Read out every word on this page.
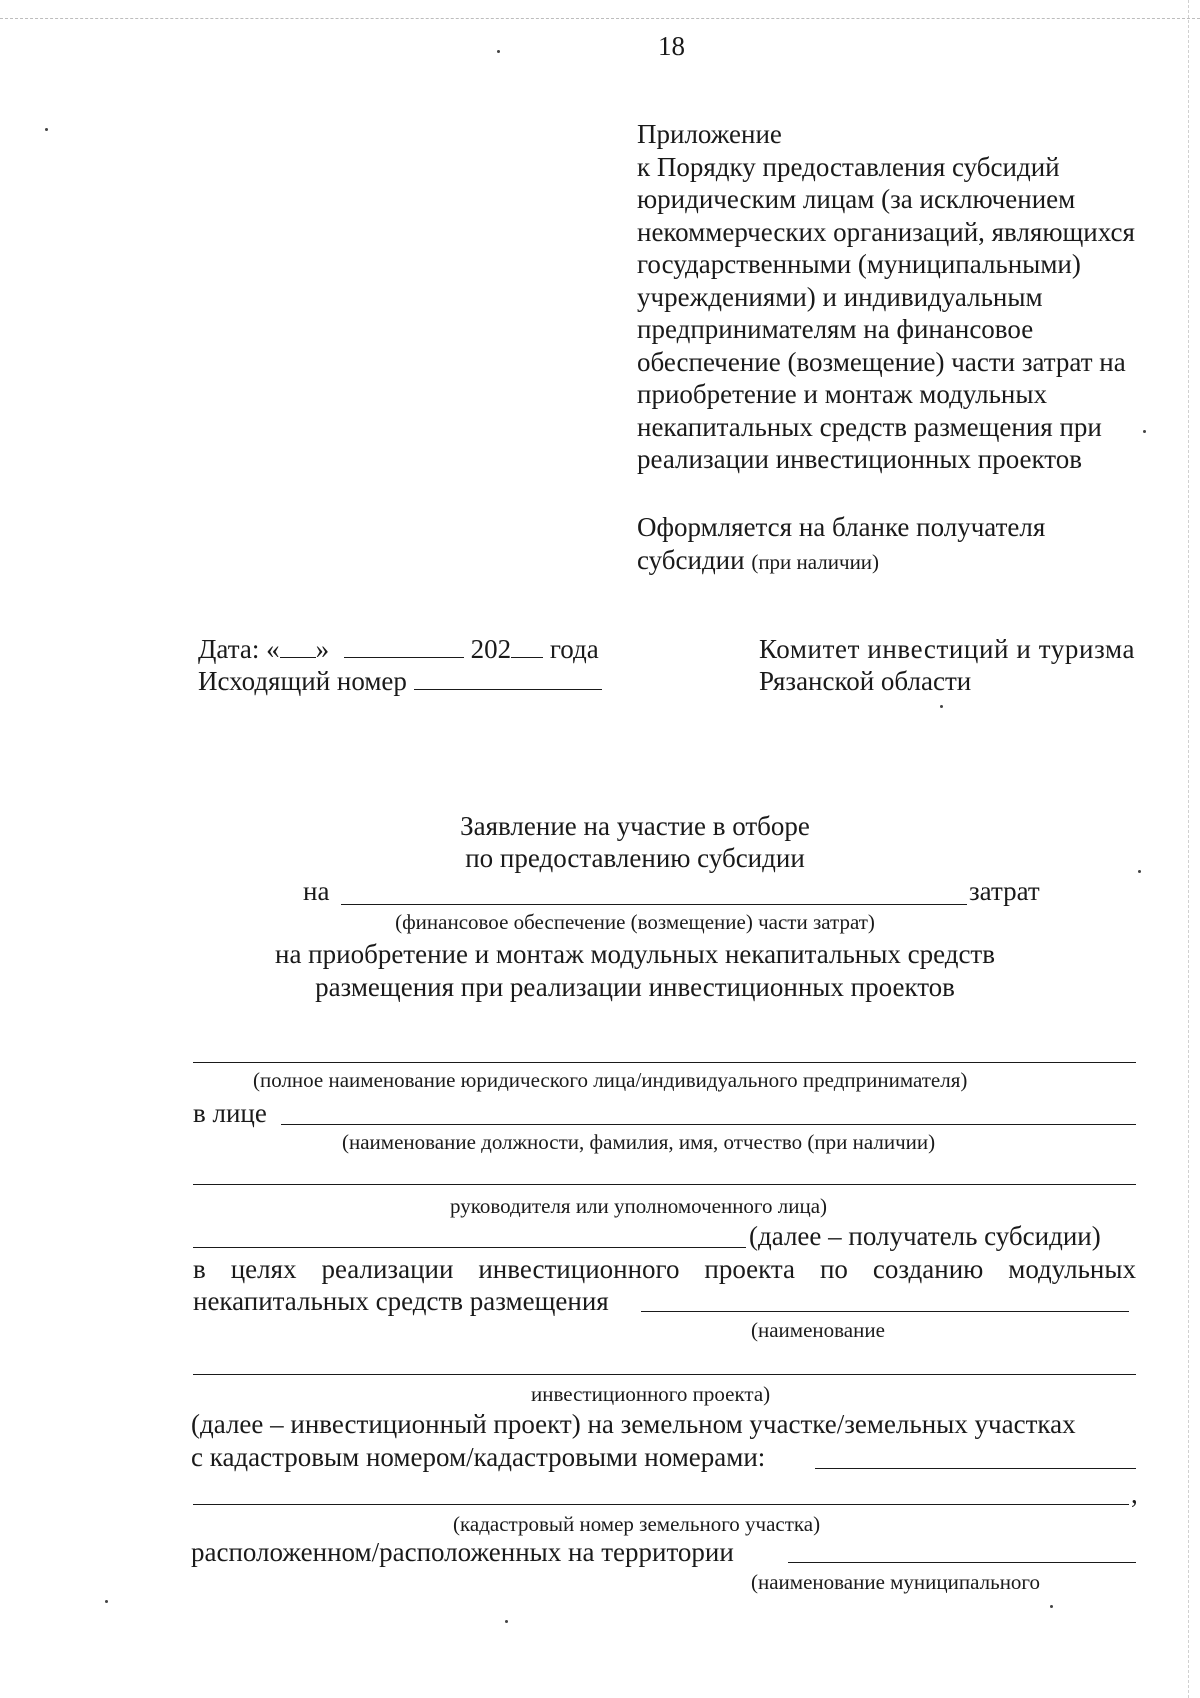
18
Приложение
к Порядку предоставления субсидий
юридическим лицам (за исключением
некоммерческих организаций, являющихся
государственными (муниципальными)
учреждениями) и индивидуальным
предпринимателям на финансовое
обеспечение (возмещение) части затрат на
приобретение и монтаж модульных
некапитальных средств размещения при
реализации инвестиционных проектов
Оформляется на бланке получателя
субсидии (при наличии)
Дата: « »	202 года
Исходящий номер
Комитет инвестиций и туризма
Рязанской области
Заявление на участие в отборе
по предоставлению субсидии
на	затрат
(финансовое обеспечение (возмещение) части затрат)
на приобретение и монтаж модульных некапитальных средств
размещения при реализации инвестиционных проектов
(полное наименование юридического лица/индивидуального предпринимателя)
в лице
(наименование должности, фамилия, имя, отчество (при наличии)
руководителя или уполномоченного лица)
(далее – получатель субсидии)
в целях реализации инвестиционного проекта по созданию модульных
некапитальных средств размещения
(наименование
инвестиционного проекта)
(далее – инвестиционный проект) на земельном участке/земельных участках
с кадастровым номером/кадастровыми номерами:
,
(кадастровый номер земельного участка)
расположенном/расположенных на территории
(наименование муниципального
